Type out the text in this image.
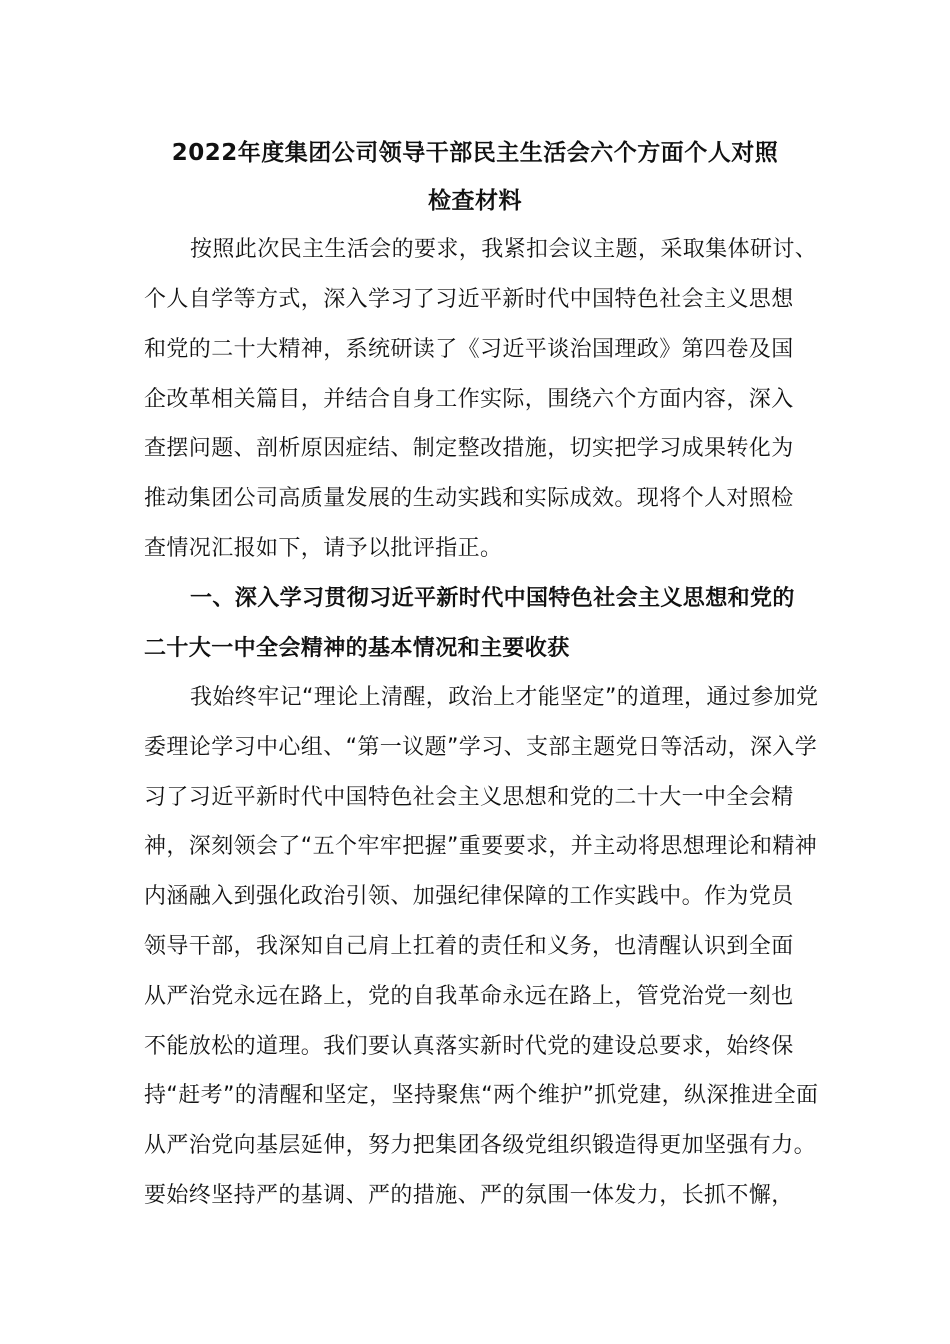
2022年度集团公司领导干部民主生活会六个方面个人对照
检查材料
按照此次民主生活会的要求，我紧扣会议主题，采取集体研讨、
个人自学等方式，深入学习了习近平新时代中国特色社会主义思想
和党的二十大精神，系统研读了《习近平谈治国理政》第四卷及国
企改革相关篇目，并结合自身工作实际，围绕六个方面内容，深入
查摆问题、剖析原因症结、制定整改措施，切实把学习成果转化为
推动集团公司高质量发展的生动实践和实际成效。现将个人对照检
查情况汇报如下，请予以批评指正。
一、深入学习贯彻习近平新时代中国特色社会主义思想和党的
二十大一中全会精神的基本情况和主要收获
我始终牢记“理论上清醒，政治上才能坚定”的道理，通过参加党
委理论学习中心组、“第一议题”学习、支部主题党日等活动，深入学
习了习近平新时代中国特色社会主义思想和党的二十大一中全会精
神，深刻领会了“五个牢牢把握”重要要求，并主动将思想理论和精神
内涵融入到强化政治引领、加强纪律保障的工作实践中。作为党员
领导干部，我深知自己肩上扛着的责任和义务，也清醒认识到全面
从严治党永远在路上，党的自我革命永远在路上，管党治党一刻也
不能放松的道理。我们要认真落实新时代党的建设总要求，始终保
持“赶考”的清醒和坚定，坚持聚焦“两个维护”抓党建，纵深推进全面
从严治党向基层延伸，努力把集团各级党组织锻造得更加坚强有力。
要始终坚持严的基调、严的措施、严的氛围一体发力，长抓不懈，
